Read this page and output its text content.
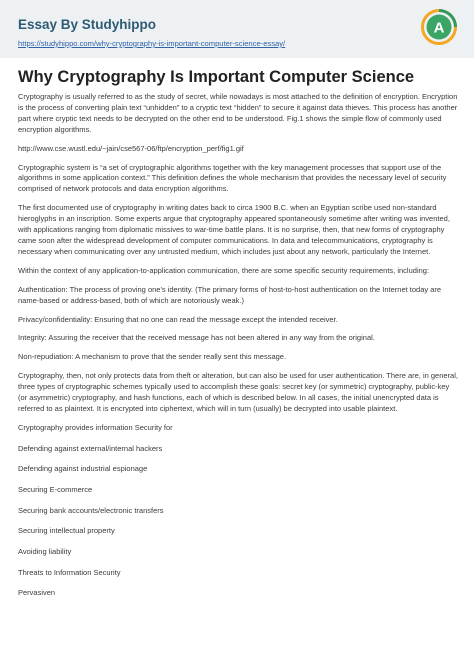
Essay By Studyhippo
https://studyhippo.com/why-cryptography-is-important-computer-science-essay/
A
Why Cryptography Is Important Computer Science

Cryptography is usually referred to as the study of secret, while nowadays is most attached to the definition of encryption. Encryption is the process of converting plain text “unhidden” to a cryptic text “hidden” to secure it against data thieves. This process has another part where cryptic text needs to be decrypted on the other end to be understood. Fig.1 shows the simple flow of commonly used encryption algorithms.

http://www.cse.wustl.edu/~jain/cse567-06/ftp/encryption_perf/fig1.gif

Cryptographic system is “a set of cryptographic algorithms together with the key management processes that support use of the algorithms in some application context.” This definition defines the whole mechanism that provides the necessary level of security comprised of network protocols and data encryption algorithms.

The first documented use of cryptography in writing dates back to circa 1900 B.C. when an Egyptian scribe used non-standard hieroglyphs in an inscription. Some experts argue that cryptography appeared spontaneously sometime after writing was invented, with applications ranging from diplomatic missives to war-time battle plans. It is no surprise, then, that new forms of cryptography came soon after the widespread development of computer communications. In data and telecommunications, cryptography is necessary when communicating over any untrusted medium, which includes just about any network, particularly the Internet.

Within the context of any application-to-application communication, there are some specific security requirements, including:

Authentication: The process of proving one's identity. (The primary forms of host-to-host authentication on the Internet today are name-based or address-based, both of which are notoriously weak.)

Privacy/confidentiality: Ensuring that no one can read the message except the intended receiver.

Integrity: Assuring the receiver that the received message has not been altered in any way from the original.

Non-repudiation: A mechanism to prove that the sender really sent this message.

Cryptography, then, not only protects data from theft or alteration, but can also be used for user authentication. There are, in general, three types of cryptographic schemes typically used to accomplish these goals: secret key (or symmetric) cryptography, public-key (or asymmetric) cryptography, and hash functions, each of which is described below. In all cases, the initial unencrypted data is referred to as plaintext. It is encrypted into ciphertext, which will in turn (usually) be decrypted into usable plaintext.

Cryptography provides information Security for

Defending against external/internal hackers

Defending against industrial espionage

Securing E-commerce

Securing bank accounts/electronic transfers

Securing intellectual property

Avoiding liability

Threats to Information Security

Pervasiven
